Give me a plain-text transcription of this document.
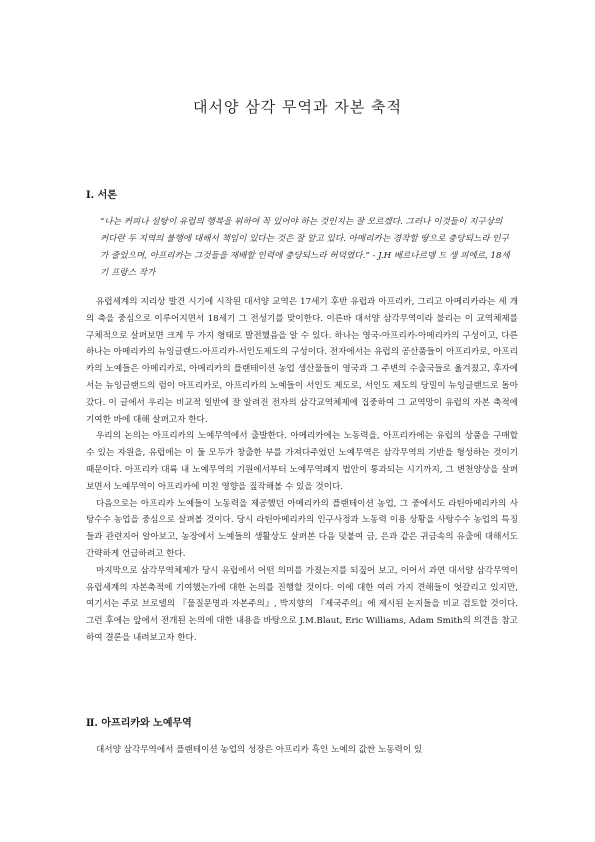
대서양 삼각 무역과 자본 축적
Ⅰ. 서론

“나는 커피나 설탕이 유럽의 행복을 위하여 꼭 있어야 하는 것인지는 잘 모르겠다. 그러나 이것들이 지구상의 커다란 두 지역의 불행에 대해서 책임이 있다는 것은 잘 알고 있다. 아메리카는 경작할 땅으로 충당되느라 인구가 줄었으며, 아프리카는 그것들을 재배할 인력에 충당되느라 허덕였다.” - J.H 베르나르뎅 드 생 피에르, 18세기 프랑스 작가

유럽세계의 지리상 발견 시기에 시작된 대서양 교역은 17세기 후반 유럽과 아프리카, 그리고 아메리카라는 세 개의 축을 중심으로 이루어지면서 18세기 그 전성기를 맞이한다. 이른바 대서양 삼각무역이라 불리는 이 교역체제를 구체적으로 살펴보면 크게 두 가지 형태로 발전했음을 알 수 있다. 하나는 영국-아프리카-아메리카의 구성이고, 다른 하나는 아메리카의 뉴잉글랜드-아프리카-서인도제도의 구성이다. 전자에서는 유럽의 공산품들이 아프리카로, 아프리카의 노예들은 아메리카로, 아메리카의 플랜테이션 농업 생산물들이 영국과 그 주변의 수출국들로 옮겨졌고, 후자에서는 뉴잉글랜드의 럼이 아프리카로, 아프리카의 노예들이 서인도 제도로, 서인도 제도의 당밀이 뉴잉글랜드로 돌아갔다. 이 글에서 우리는 비교적 일반에 잘 알려진 전자의 삼각교역체제에 집중하여 그 교역망이 유럽의 자본 축적에 기여한 바에 대해 살펴고자 한다.

우리의 논의는 아프리카의 노예무역에서 출발한다. 아메리카에는 노동력을, 아프리카에는 유럽의 상품을 구매할 수 있는 자원을, 유럽에는 이 둘 모두가 창출한 부를 가져다주었던 노예무역은 삼각무역의 기반을 형성하는 것이기 때문이다. 아프리카 대륙 내 노예무역의 기원에서부터 노예무역폐지 법안이 통과되는 시기까지, 그 변천양상을 살펴보면서 노예무역이 아프리카에 미친 영향을 짚작해볼 수 있을 것이다.

다음으로는 아프리카 노예들이 노동력을 제공했던 아메리카의 플랜테이션 농업, 그 중에서도 라틴아메리카의 사탕수수 농업을 중심으로 살펴볼 것이다. 당시 라틴아메리카의 인구사정과 노동력 이용 상황을 사탕수수 농업의 특징들과 관련지어 알아보고, 농장에서 노예들의 생활상도 살펴본 다음 덧붙여 금, 은과 같은 귀금속의 유출에 대해서도 간략하게 언급하려고 한다.

마지막으로 삼각무역체제가 당시 유럽에서 어떤 의미를 가졌는지를 되짚어 보고, 이어서 과연 대서양 삼각무역이 유럽세계의 자본축적에 기여했는가에 대한 논의를 진행할 것이다. 이에 대한 여러 가지 견해들이 엇갈리고 있지만, 여기서는 주로 브로델의 『물질문명과 자본주의』, 박지향의 『제국주의』에 제시된 논지들을 비교 검토할 것이다. 그런 후에는 앞에서 전개된 논의에 대한 내용을 바탕으로 J.M.Blaut, Eric Williams, Adam Smith의 의견을 참고하여 결론을 내려보고자 한다.

Ⅱ. 아프리카와 노예무역

대서양 삼각무역에서 플랜테이션 농업의 성장은 아프리카 흑인 노예의 값싼 노동력이 있
